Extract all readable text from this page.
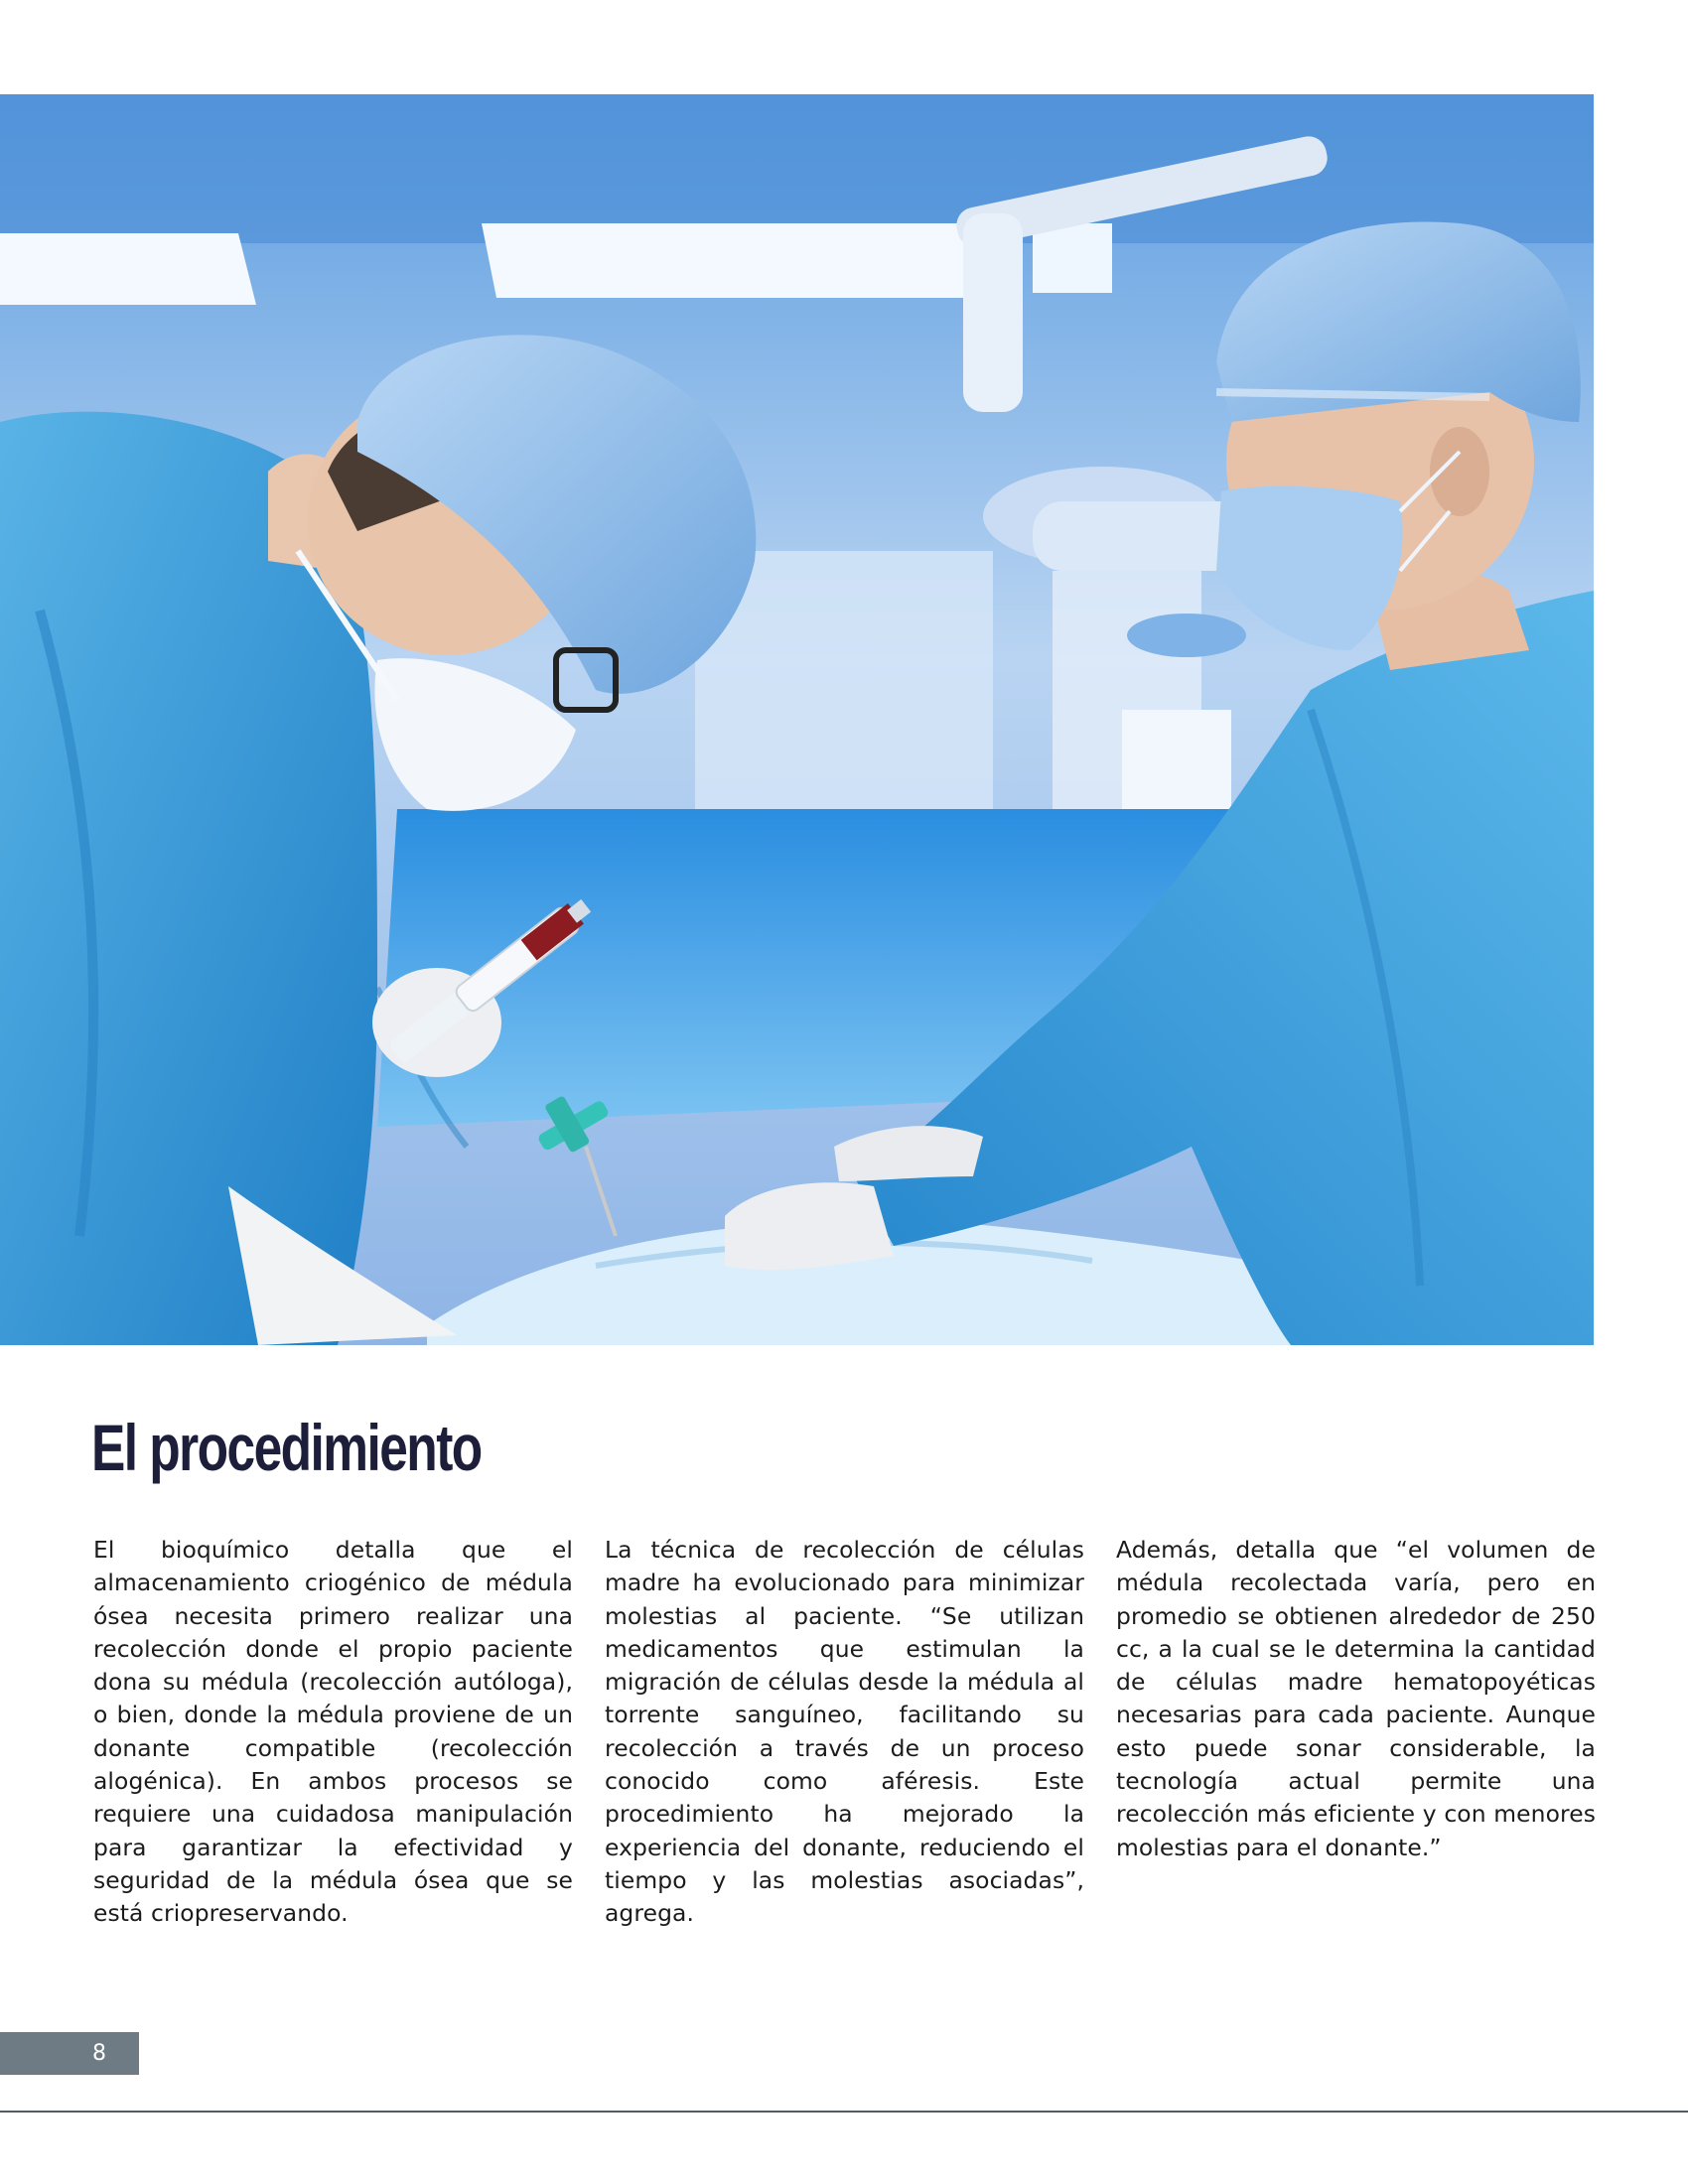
El procedimiento

El bioquímico detalla que el almacenamiento criogénico de médula ósea necesita primero realizar una recolección donde el propio paciente dona su médula (recolección autóloga), o bien, donde la médula proviene de un donante compatible (recolección alogénica). En ambos procesos se requiere una cuidadosa manipulación para garantizar la efectividad y seguridad de la médula ósea que se está criopreservando.

La técnica de recolección de células madre ha evolucionado para minimizar molestias al paciente. “Se utilizan medicamentos que estimulan la migración de células desde la médula al torrente sanguíneo, facilitando su recolección a través de un proceso conocido como aféresis. Este procedimiento ha mejorado la experiencia del donante, reduciendo el tiempo y las molestias asociadas”, agrega.

Además, detalla que “el volumen de médula recolectada varía, pero en promedio se obtienen alrededor de 250 cc, a la cual se le determina la cantidad de células madre hematopoyéticas necesarias para cada paciente. Aunque esto puede sonar considerable, la tecnología actual permite una recolección más eficiente y con menores molestias para el donante.”

8
